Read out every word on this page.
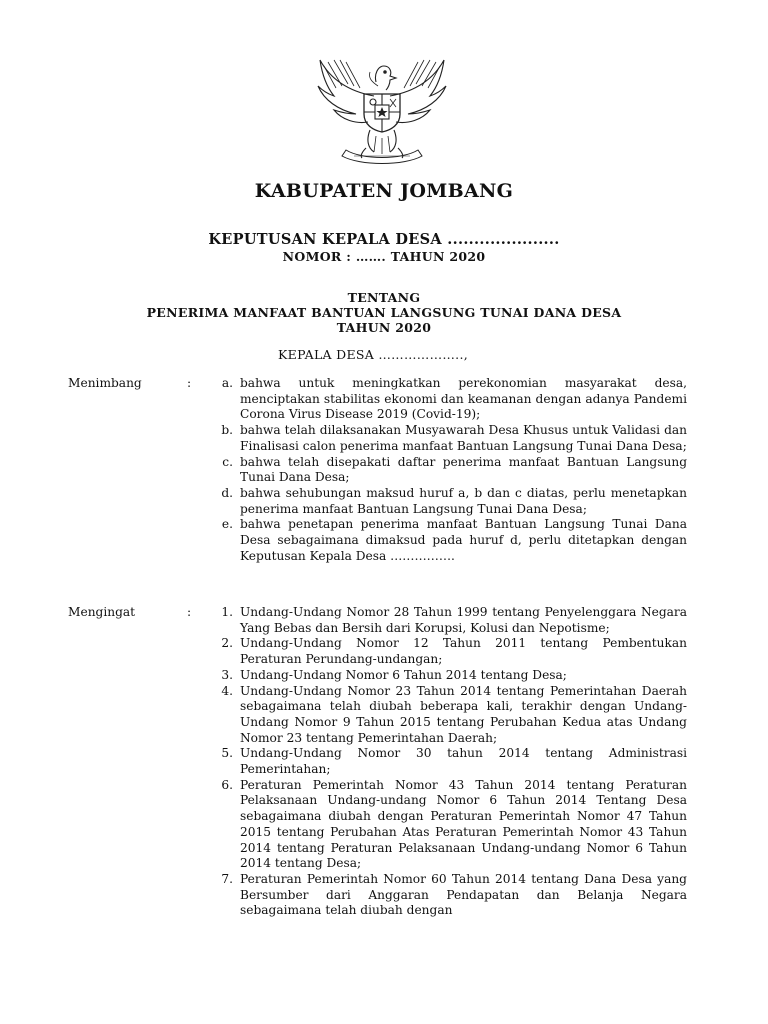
KABUPATEN JOMBANG
KEPUTUSAN KEPALA DESA .....................
NOMOR : ……. TAHUN 2020
TENTANG
PENERIMA MANFAAT BANTUAN LANGSUNG TUNAI DANA DESA
TAHUN 2020
KEPALA DESA ………………..,
Menimbang	:	a. bahwa untuk meningkatkan perekonomian masyarakat desa, menciptakan stabilitas ekonomi dan keamanan dengan adanya Pandemi Corona Virus Disease 2019 (Covid-19);
b. bahwa telah dilaksanakan Musyawarah Desa Khusus untuk Validasi dan Finalisasi calon penerima manfaat Bantuan Langsung Tunai Dana Desa;
c. bahwa telah disepakati daftar penerima manfaat Bantuan Langsung Tunai Dana Desa;
d. bahwa sehubungan maksud huruf a, b dan c diatas, perlu menetapkan penerima manfaat Bantuan Langsung Tunai Dana Desa;
e. bahwa penetapan penerima manfaat Bantuan Langsung Tunai Dana Desa sebagaimana dimaksud pada huruf d, perlu ditetapkan dengan Keputusan Kepala Desa …………….
Mengingat	:	1. Undang-Undang Nomor 28 Tahun 1999 tentang Penyelenggara Negara Yang Bebas dan Bersih dari Korupsi, Kolusi dan Nepotisme;
2. Undang-Undang Nomor 12 Tahun 2011 tentang Pembentukan Peraturan Perundang-undangan;
3. Undang-Undang Nomor 6 Tahun 2014 tentang Desa;
4. Undang-Undang Nomor 23 Tahun 2014 tentang Pemerintahan Daerah sebagaimana telah diubah beberapa kali, terakhir dengan Undang-Undang Nomor 9 Tahun 2015 tentang Perubahan Kedua atas Undang Nomor 23 tentang Pemerintahan Daerah;
5. Undang-Undang Nomor 30 tahun 2014 tentang Administrasi Pemerintahan;
6. Peraturan Pemerintah Nomor 43 Tahun 2014 tentang Peraturan Pelaksanaan Undang-undang Nomor 6 Tahun 2014 Tentang Desa sebagaimana diubah dengan Peraturan Pemerintah Nomor 47 Tahun 2015 tentang Perubahan Atas Peraturan Pemerintah Nomor 43 Tahun 2014 tentang Peraturan Pelaksanaan Undang-undang Nomor 6 Tahun 2014 tentang Desa;
7. Peraturan Pemerintah Nomor 60 Tahun 2014 tentang Dana Desa yang Bersumber dari Anggaran Pendapatan dan Belanja Negara sebagaimana telah diubah dengan
